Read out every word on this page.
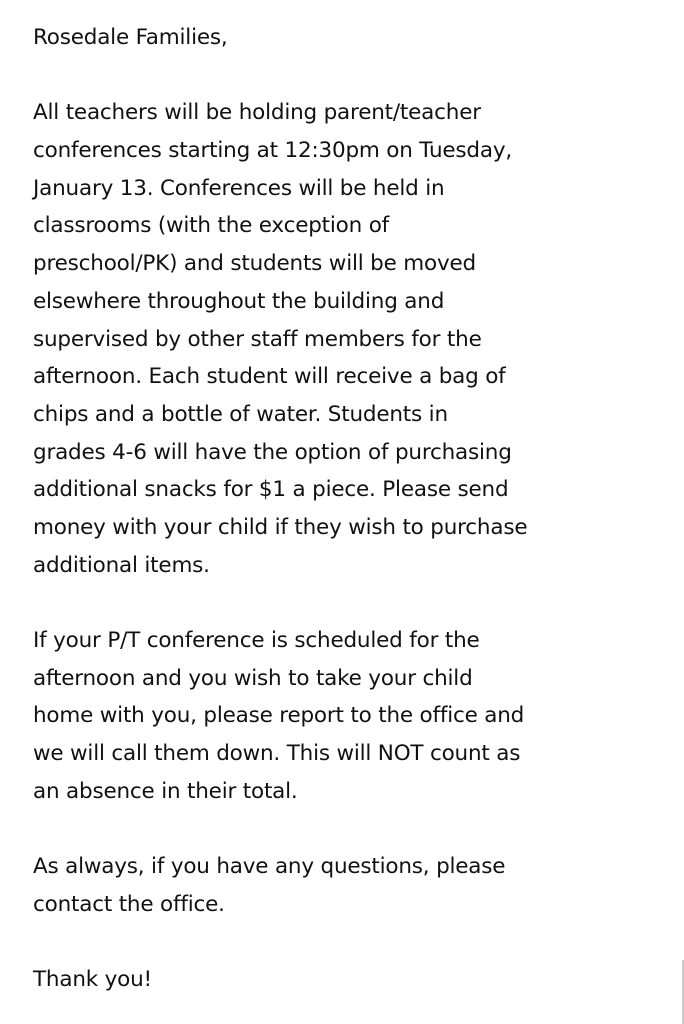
Rosedale Families,
All teachers will be holding parent/teacher
conferences starting at 12:30pm on Tuesday,
January 13. Conferences will be held in
classrooms (with the exception of
preschool/PK) and students will be moved
elsewhere throughout the building and
supervised by other staff members for the
afternoon. Each student will receive a bag of
chips and a bottle of water. Students in
grades 4-6 will have the option of purchasing
additional snacks for $1 a piece. Please send
money with your child if they wish to purchase
additional items.
If your P/T conference is scheduled for the
afternoon and you wish to take your child
home with you, please report to the office and
we will call them down. This will NOT count as
an absence in their total.
As always, if you have any questions, please
contact the office.
Thank you!
